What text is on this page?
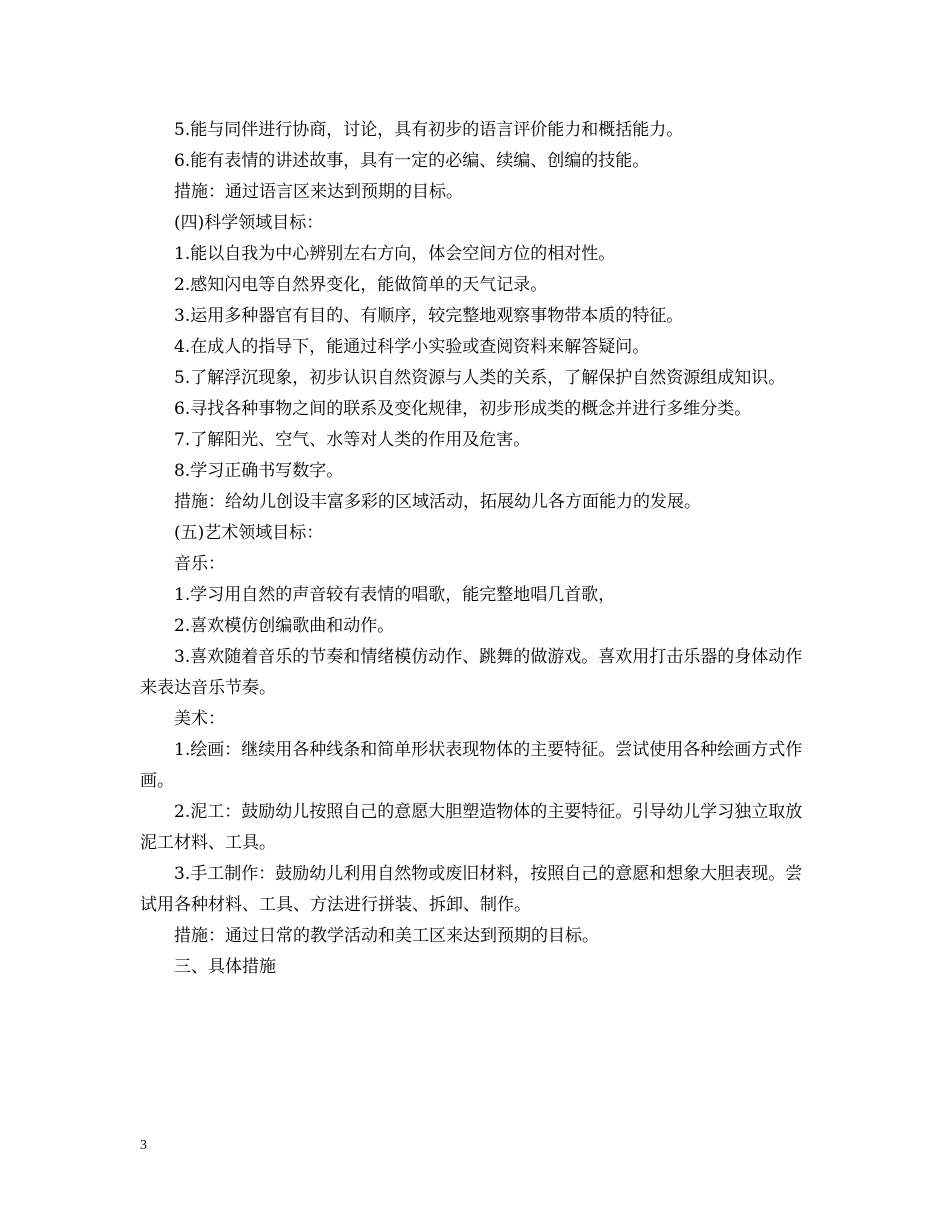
5.能与同伴进行协商，讨论，具有初步的语言评价能力和概括能力。

6.能有表情的讲述故事，具有一定的必编、续编、创编的技能。

措施：通过语言区来达到预期的目标。

(四)科学领域目标：

1.能以自我为中心辨别左右方向，体会空间方位的相对性。

2.感知闪电等自然界变化，能做简单的天气记录。

3.运用多种器官有目的、有顺序，较完整地观察事物带本质的特征。

4.在成人的指导下，能通过科学小实验或查阅资料来解答疑问。

5.了解浮沉现象，初步认识自然资源与人类的关系，了解保护自然资源组成知识。

6.寻找各种事物之间的联系及变化规律，初步形成类的概念并进行多维分类。

7.了解阳光、空气、水等对人类的作用及危害。

8.学习正确书写数字。

措施：给幼儿创设丰富多彩的区域活动，拓展幼儿各方面能力的发展。

(五)艺术领域目标：

音乐：

1.学习用自然的声音较有表情的唱歌，能完整地唱几首歌，

2.喜欢模仿创编歌曲和动作。

3.喜欢随着音乐的节奏和情绪模仿动作、跳舞的做游戏。喜欢用打击乐器的身体动作来表达音乐节奏。

美术：

1.绘画：继续用各种线条和简单形状表现物体的主要特征。尝试使用各种绘画方式作画。

2.泥工：鼓励幼儿按照自己的意愿大胆塑造物体的主要特征。引导幼儿学习独立取放泥工材料、工具。

3.手工制作：鼓励幼儿利用自然物或废旧材料，按照自己的意愿和想象大胆表现。尝试用各种材料、工具、方法进行拼装、拆卸、制作。

措施：通过日常的教学活动和美工区来达到预期的目标。

三、具体措施

3
